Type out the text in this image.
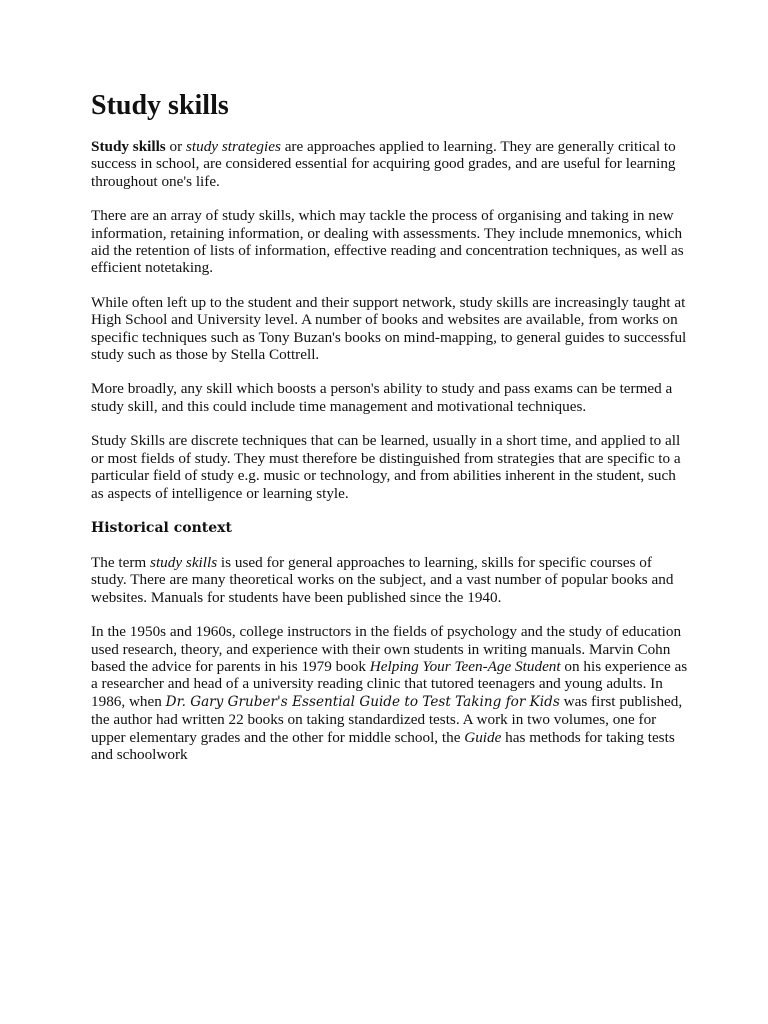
Study skills

Study skills or study strategies are approaches applied to learning. They are generally critical to success in school, are considered essential for acquiring good grades, and are useful for learning throughout one's life.

There are an array of study skills, which may tackle the process of organising and taking in new information, retaining information, or dealing with assessments. They include mnemonics, which aid the retention of lists of information, effective reading and concentration techniques, as well as efficient notetaking.

While often left up to the student and their support network, study skills are increasingly taught at High School and University level. A number of books and websites are available, from works on specific techniques such as Tony Buzan's books on mind-mapping, to general guides to successful study such as those by Stella Cottrell.

More broadly, any skill which boosts a person's ability to study and pass exams can be termed a study skill, and this could include time management and motivational techniques.

Study Skills are discrete techniques that can be learned, usually in a short time, and applied to all or most fields of study. They must therefore be distinguished from strategies that are specific to a particular field of study e.g. music or technology, and from abilities inherent in the student, such as aspects of intelligence or learning style.

Historical context

The term study skills is used for general approaches to learning, skills for specific courses of study. There are many theoretical works on the subject, and a vast number of popular books and websites. Manuals for students have been published since the 1940.

In the 1950s and 1960s, college instructors in the fields of psychology and the study of education used research, theory, and experience with their own students in writing manuals. Marvin Cohn based the advice for parents in his 1979 book Helping Your Teen-Age Student on his experience as a researcher and head of a university reading clinic that tutored teenagers and young adults. In 1986, when Dr. Gary Gruber's Essential Guide to Test Taking for Kids was first published, the author had written 22 books on taking standardized tests. A work in two volumes, one for upper elementary grades and the other for middle school, the Guide has methods for taking tests and schoolwork
